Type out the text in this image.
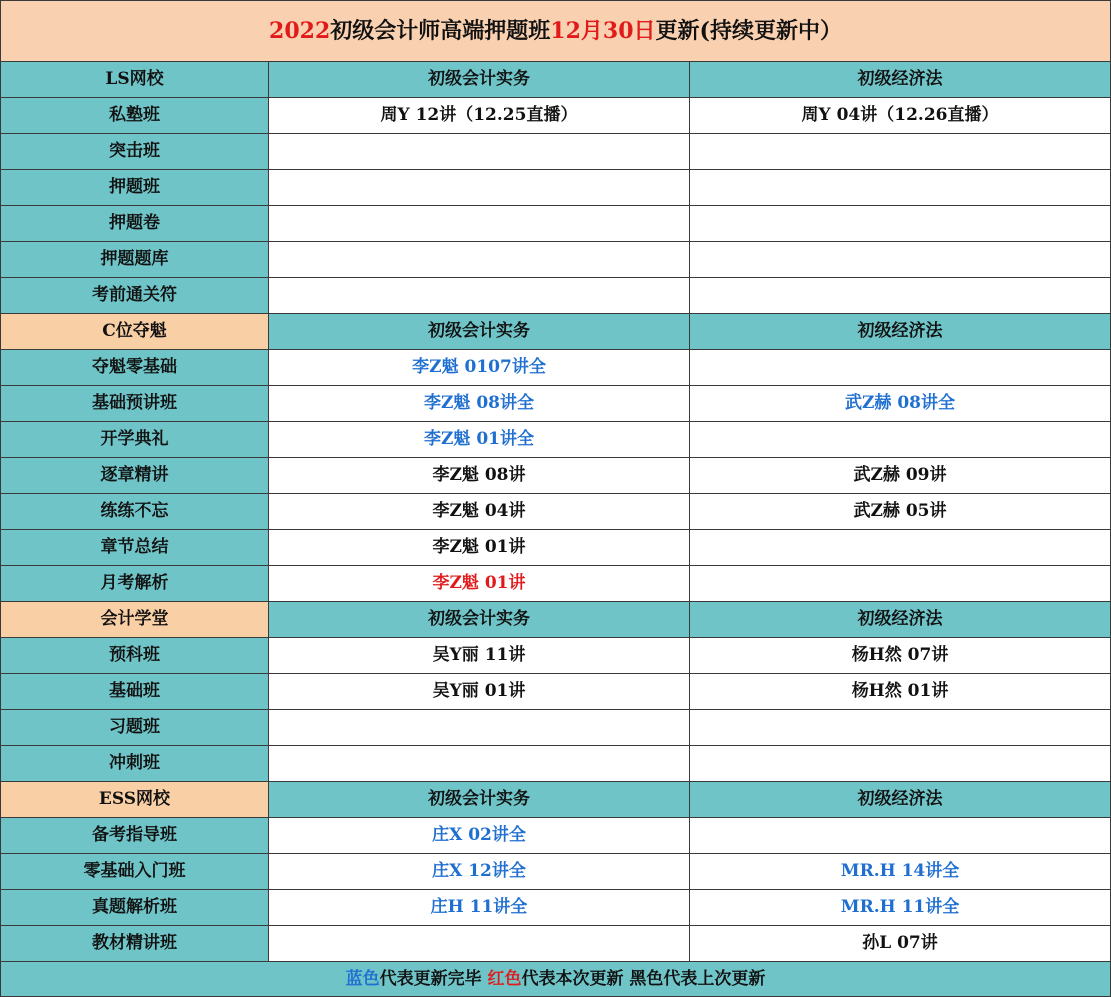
2022初级会计师高端押题班12月30日更新(持续更新中）		
LS网校	初级会计实务	初级经济法
私塾班	周Y 12讲（12.25直播）	周Y 04讲（12.26直播）
突击班		
押题班		
押题卷		
押题题库		
考前通关符		
C位夺魁	初级会计实务	初级经济法
夺魁零基础	李Z魁 0107讲全	
基础预讲班	李Z魁 08讲全	武Z赫 08讲全
开学典礼	李Z魁 01讲全	
逐章精讲	李Z魁 08讲	武Z赫 09讲
练练不忘	李Z魁 04讲	武Z赫 05讲
章节总结	李Z魁 01讲	
月考解析	李Z魁 01讲	
会计学堂	初级会计实务	初级经济法
预科班	吴Y丽 11讲	杨H然 07讲
基础班	吴Y丽 01讲	杨H然 01讲
习题班		
冲刺班		
ESS网校	初级会计实务	初级经济法
备考指导班	庄X 02讲全	
零基础入门班	庄X 12讲全	MR.H 14讲全
真题解析班	庄H 11讲全	MR.H 11讲全
教材精讲班		孙L 07讲
蓝色代表更新完毕 红色代表本次更新 黑色代表上次更新		
